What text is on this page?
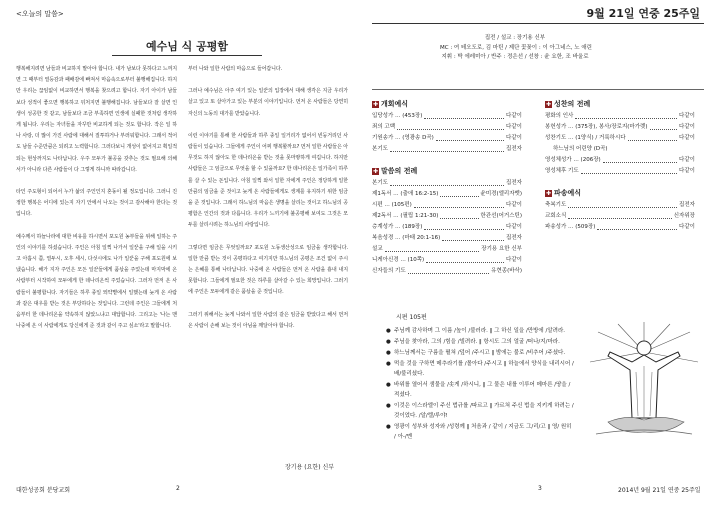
<오늘의 말씀>
예수님 식 공평함

행복해지려면 남들과 비교하지 말아야 합니다. 내가 남보다 못하다고 느껴지면 그 때부터 열등감과 패배감에 빠져서 마음속으로부터 불행해집니다. 하지만 우리는 끊임없이 비교하면서 행복을 찾으려고 합니다. 자기 아이가 남들보다 성적이 좋으면 행복하고 뒤처지면 불행해집니다. 남들보다 잘 살면 인생이 성공한 것 같고, 남들보다 조금 부족하면 인생에 실패한 것처럼 생각하게 됩니다. 우리는 자녀들을 자꾸만 비교하게 되는 것도 합니다. 작은 일 하나 사랑, 더 많이 가진 사람에 대해서 질투하거나 부러워합니다. 그래서 적어도 남들 수준만큼은 되려고 노력합니다. 그러다보니 개성이 없어지고 획일적 되는 현상까지도 나타납니다. 우주 모두가 불공을 갖추는 것도 필요해 의해서가 아니라 다른 사람들이 다 그렇게 하니까 따라갑니다.

타인 주도형이 되어서 누가 삶의 주인인지 혼동이 될 정도입니다. 그러니 진정한 행복은 어디에 있는지 자기 안에서 나오는 것이고 감사해야 한다는 것입니다.

예수께서 하늘나라에 대한 비유를 하시면서 포도원 농부들을 위해 일하는 주인의 이야기를 하셨습니다. 주인은 아침 일찍 나가서 일꾼을 구해 일을 시키고 아홉시 쯤, 열두시, 오후 세시, 다섯시에도 나가 일꾼을 구해 포도원에 보냈습니다. 해가 지자 주인은 모든 일꾼들에게 품삯을 주었는데 마지막에 온 사람부터 시작하여 모두에게 한 데나리온씩 주었습니다. 그러자 먼저 온 사람들이 불평합니다. 자기들은 하루 종일 뙤약볕에서 일했는데 늦게 온 사람과 같은 대우를 받는 것은 부당하다는 것입니다. 그런데 주인은 그들에게 처음부터 한 데나리온을 약속하지 않았느냐고 대답합니다. 그리고는 '나는 맨 나중에 온 이 사람에게도 당신에게 준 것과 같이 주고 싶소'라고 말합니다.

부터 나와 일한 사람의 마음으로 들어갑니다.

그러나 예수님은 아주 여기 있는 일꾼의 입장에서 대해 생각은 지금 우리가 살고 있고 또 살아가고 있는 부분의 이야기입니다. 먼저 온 사람들은 당연히 자신의 노동의 대가를 받았습니다.

이런 이야기를 통해 한 사람들과 하루 종일 일거리가 없어서 빈둥거리던 사람들이 있습니다. 그들에게 주인이 어찌 행복할까요? 먼저 일한 사람들은 아무것도 하지 않아도 한 데나리온을 받는 것을 못마땅하게 여깁니다. 하지만 사람들은 그 임금으로 무엇을 할 수 있을까요? 한 데나리온은 일가족이 하루를 살 수 있는 돈입니다. 아침 일찍 와서 일한 자에게 주인은 정당하게 일한 만큼의 임금을 준 것이고 늦게 온 사람들에게도 생계를 유지하기 위한 임금을 준 것입니다. 그래서 하느님의 마음은 생명을 살리는 것이고 하느님의 공평함은 인간의 것과 다릅니다. 우리가 느끼기에 불공평해 보여도 그것은 모두를 살리시려는 하느님의 사랑입니다.

그렇다면 임금은 무엇일까요? 포도원 노동생산성으로 임금을 생각합니다. 일한 만큼 받는 것이 공평하다고 여기지만 하느님의 공평은 조건 없이 주시는 은혜를 통해 나타납니다. 나중에 온 사람들은 먼저 온 사람을 흉내 내지 못합니다. 그들에게 필요한 것은 하루를 살아갈 수 있는 희망입니다. 그러기에 주인은 모두에게 같은 품삯을 준 것입니다.

그러기 위해서는 늦게 나와서 일한 사람의 같은 임금을 받았다고 해서 먼저 온 사람이 손해 보는 것이 아님을 깨달아야 합니다.

장기용 (요한) 신부
대한성공회 분당교회	2
9월 21일 연중 25주일
집전 / 설교 : 장기용 신부
MC : 여 테오도로, 김 마틴 / 제단 꽃꽂이 : 이 아그네스, 노 애린
지휘 : 박 에레미아 / 반주 : 정은선 / 선창 : 윤 요한, 조 바울로
✚ 개회예식
입당성가 … (453장)	다같이
죄의 고백	다같이
기원송가 … (영광송 D곡)	다같이
본기도	집전자
✚ 말씀의 전례
본기도	집전자
제1독서 … (출애 16:2-15)	윤미경(엘리자벳)
시편 … (105편)	다같이
제2독서 … (필립 1:21-30)	한관선(어거스틴)
층계성가 … (189장)	다같이
복음성경 … (마태 20:1-16)	집전자
설교	장기용 요한 신부
니케아신경 … (10쪽)	다같이
신자들의 기도	유현종(바삭)
✚ 성찬의 전례
평화의 인사	다같이
봉헌성가 … (375장), 봉사/장로지(마가렛)	다같이
성찬기도 … (1양식) / 거룩하시다	다같이
하느님의 어린양 (D곡)
영성체성가 … (206장)	다같이
영성체후 기도	다같이
✚ 파송예식
축복기도	집전자
교회소식	신자위장
파송성가 … (509장)	다같이
시편 105편
● 주님께 감사하며 그 이름 /높이 /불러라. ‖ 그 하신 일을 /만방에 /알려라.
● 주님을 찾아라, 그의 /힘을 /빌려라. ‖ 항시도 그의 얼굴 /떠나/지/마라.
● 하느님께서는 구름을 펼쳐 /덮어 /주시고 ‖ 밤에는 불로 /비추어 /주셨다.
● 먹을 것을 구하면 메추라기를 /몰아다 /주시고 ‖ 하늘에서 양식을 내리시어 /배/불리셨다.
● 바위를 열어서 샘물을 /솟게 /하시니, ‖ 그 물은 내를 이루어 메마른 /땅을 /적셨다.
● 이것은 이스라엘이 주신 법규를 /따르고 ‖ 가르쳐 주신 법을 지키게 하려는 /것이었다. /알/렐/루야!
● 영광이 성부와 성자와 /성령께 ‖ 처음과 / 같이 / 지금도 그/리/고 ‖ 영/ 원히 / 아-/멘
3	2014년 9월 21일 연중 25주일
